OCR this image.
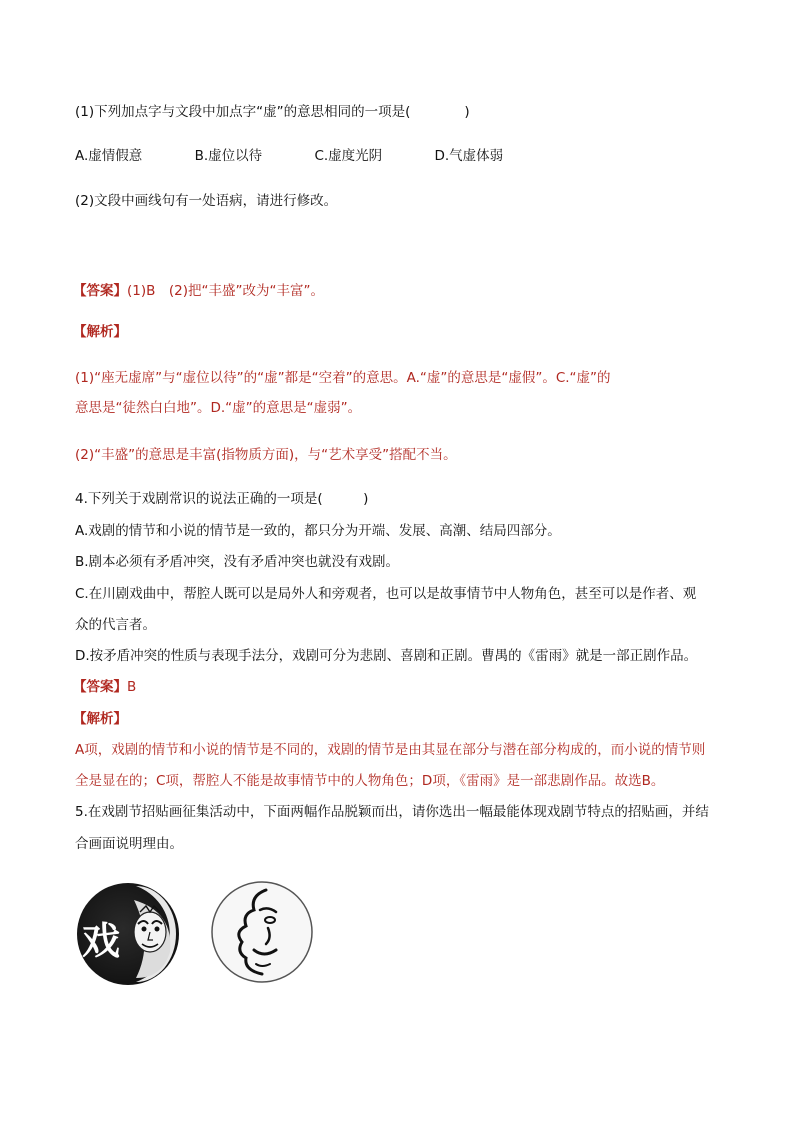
(1)下列加点字与文段中加点字“虚”的意思相同的一项是(　　　　)
A.虚情假意	B.虚位以待	C.虚度光阴	D.气虚体弱
(2)文段中画线句有一处语病，请进行修改。
【答案】(1)B　(2)把“丰盛”改为“丰富”。
【解析】
(1)“座无虚席”与“虚位以待”的“虚”都是“空着”的意思。A.“虚”的意思是“虚假”。C.“虚”的
意思是“徒然白白地”。D.“虚”的意思是“虚弱”。
(2)“丰盛”的意思是丰富(指物质方面)，与“艺术享受”搭配不当。
4.下列关于戏剧常识的说法正确的一项是(　　　)
A.戏剧的情节和小说的情节是一致的，都只分为开端、发展、高潮、结局四部分。
B.剧本必须有矛盾冲突，没有矛盾冲突也就没有戏剧。
C.在川剧戏曲中，帮腔人既可以是局外人和旁观者，也可以是故事情节中人物角色，甚至可以是作者、观
众的代言者。
D.按矛盾冲突的性质与表现手法分，戏剧可分为悲剧、喜剧和正剧。曹禺的《雷雨》就是一部正剧作品。
【答案】B
【解析】
A项，戏剧的情节和小说的情节是不同的，戏剧的情节是由其显在部分与潜在部分构成的，而小说的情节则
全是显在的；C项，帮腔人不能是故事情节中的人物角色；D项，《雷雨》是一部悲剧作品。故选B。
5.在戏剧节招贴画征集活动中，下面两幅作品脱颖而出，请你选出一幅最能体现戏剧节特点的招贴画，并结
合画面说明理由。
戏
